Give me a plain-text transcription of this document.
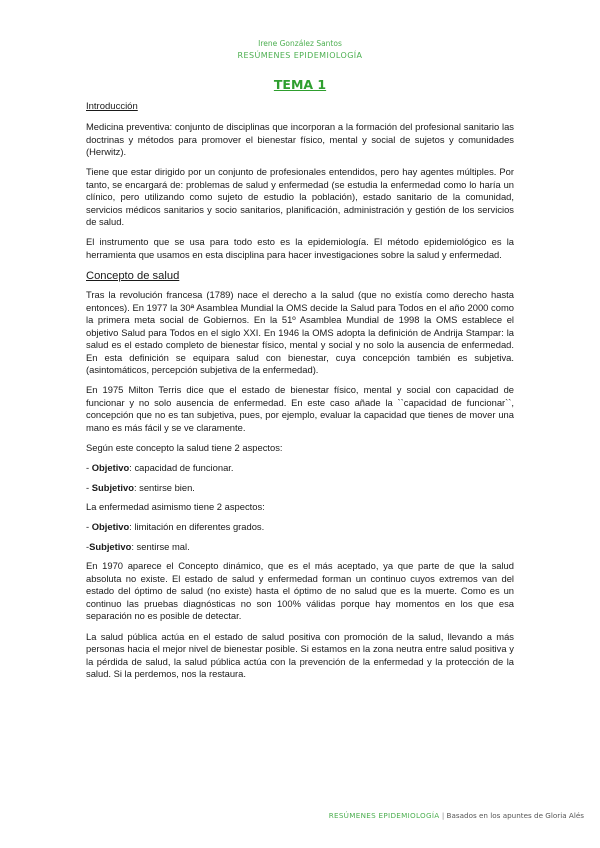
Irene González Santos
RESÚMENES EPIDEMIOLOGÍA
TEMA 1
Introducción

Medicina preventiva: conjunto de disciplinas que incorporan a la formación del profesional sanitario las doctrinas y métodos para promover el bienestar físico, mental y social de sujetos y comunidades (Herwitz).

Tiene que estar dirigido por un conjunto de profesionales entendidos, pero hay agentes múltiples. Por tanto, se encargará de: problemas de salud y enfermedad (se estudia la enfermedad como lo haría un clínico, pero utilizando como sujeto de estudio la población), estado sanitario de la comunidad, servicios médicos sanitarios y socio sanitarios, planificación, administración y gestión de los servicios de salud.

El instrumento que se usa para todo esto es la epidemiología. El método epidemiológico es la herramienta que usamos en esta disciplina para hacer investigaciones sobre la salud y enfermedad.

Concepto de salud

Tras la revolución francesa (1789) nace el derecho a la salud (que no existía como derecho hasta entonces). En 1977 la 30ª Asamblea Mundial la OMS decide la Salud para Todos en el año 2000 como la primera meta social de Gobiernos. En la 51º Asamblea Mundial de 1998 la OMS establece el objetivo Salud para Todos en el siglo XXI. En 1946 la OMS adopta la definición de Andrija Stampar: la salud es el estado completo de bienestar físico, mental y social y no solo la ausencia de enfermedad. En esta definición se equipara salud con bienestar, cuya concepción también es subjetiva. (asintomáticos, percepción subjetiva de la enfermedad).

En 1975 Milton Terris dice que el estado de bienestar físico, mental y social con capacidad de funcionar y no solo ausencia de enfermedad. En este caso añade la ``capacidad de funcionar``, concepción que no es tan subjetiva, pues, por ejemplo, evaluar la capacidad que tienes de mover una mano es más fácil y se ve claramente.

Según este concepto la salud tiene 2 aspectos:

- Objetivo: capacidad de funcionar.
- Subjetivo: sentirse bien.

La enfermedad asimismo tiene 2 aspectos:

- Objetivo: limitación en diferentes grados.
-Subjetivo: sentirse mal.

En 1970 aparece el Concepto dinámico, que es el más aceptado, ya que parte de que la salud absoluta no existe. El estado de salud y enfermedad forman un continuo cuyos extremos van del estado del óptimo de salud (no existe) hasta el óptimo de no salud que es la muerte. Como es un continuo las pruebas diagnósticas no son 100% válidas porque hay momentos en los que esa separación no es posible de detectar.

La salud pública actúa en el estado de salud positiva con promoción de la salud, llevando a más personas hacia el mejor nivel de bienestar posible. Si estamos en la zona neutra entre salud positiva y la pérdida de salud, la salud pública actúa con la prevención de la enfermedad y la protección de la salud. Si la perdemos, nos la restaura.

RESÚMENES EPIDEMIOLOGÍA | Basados en los apuntes de Gloria Alés
